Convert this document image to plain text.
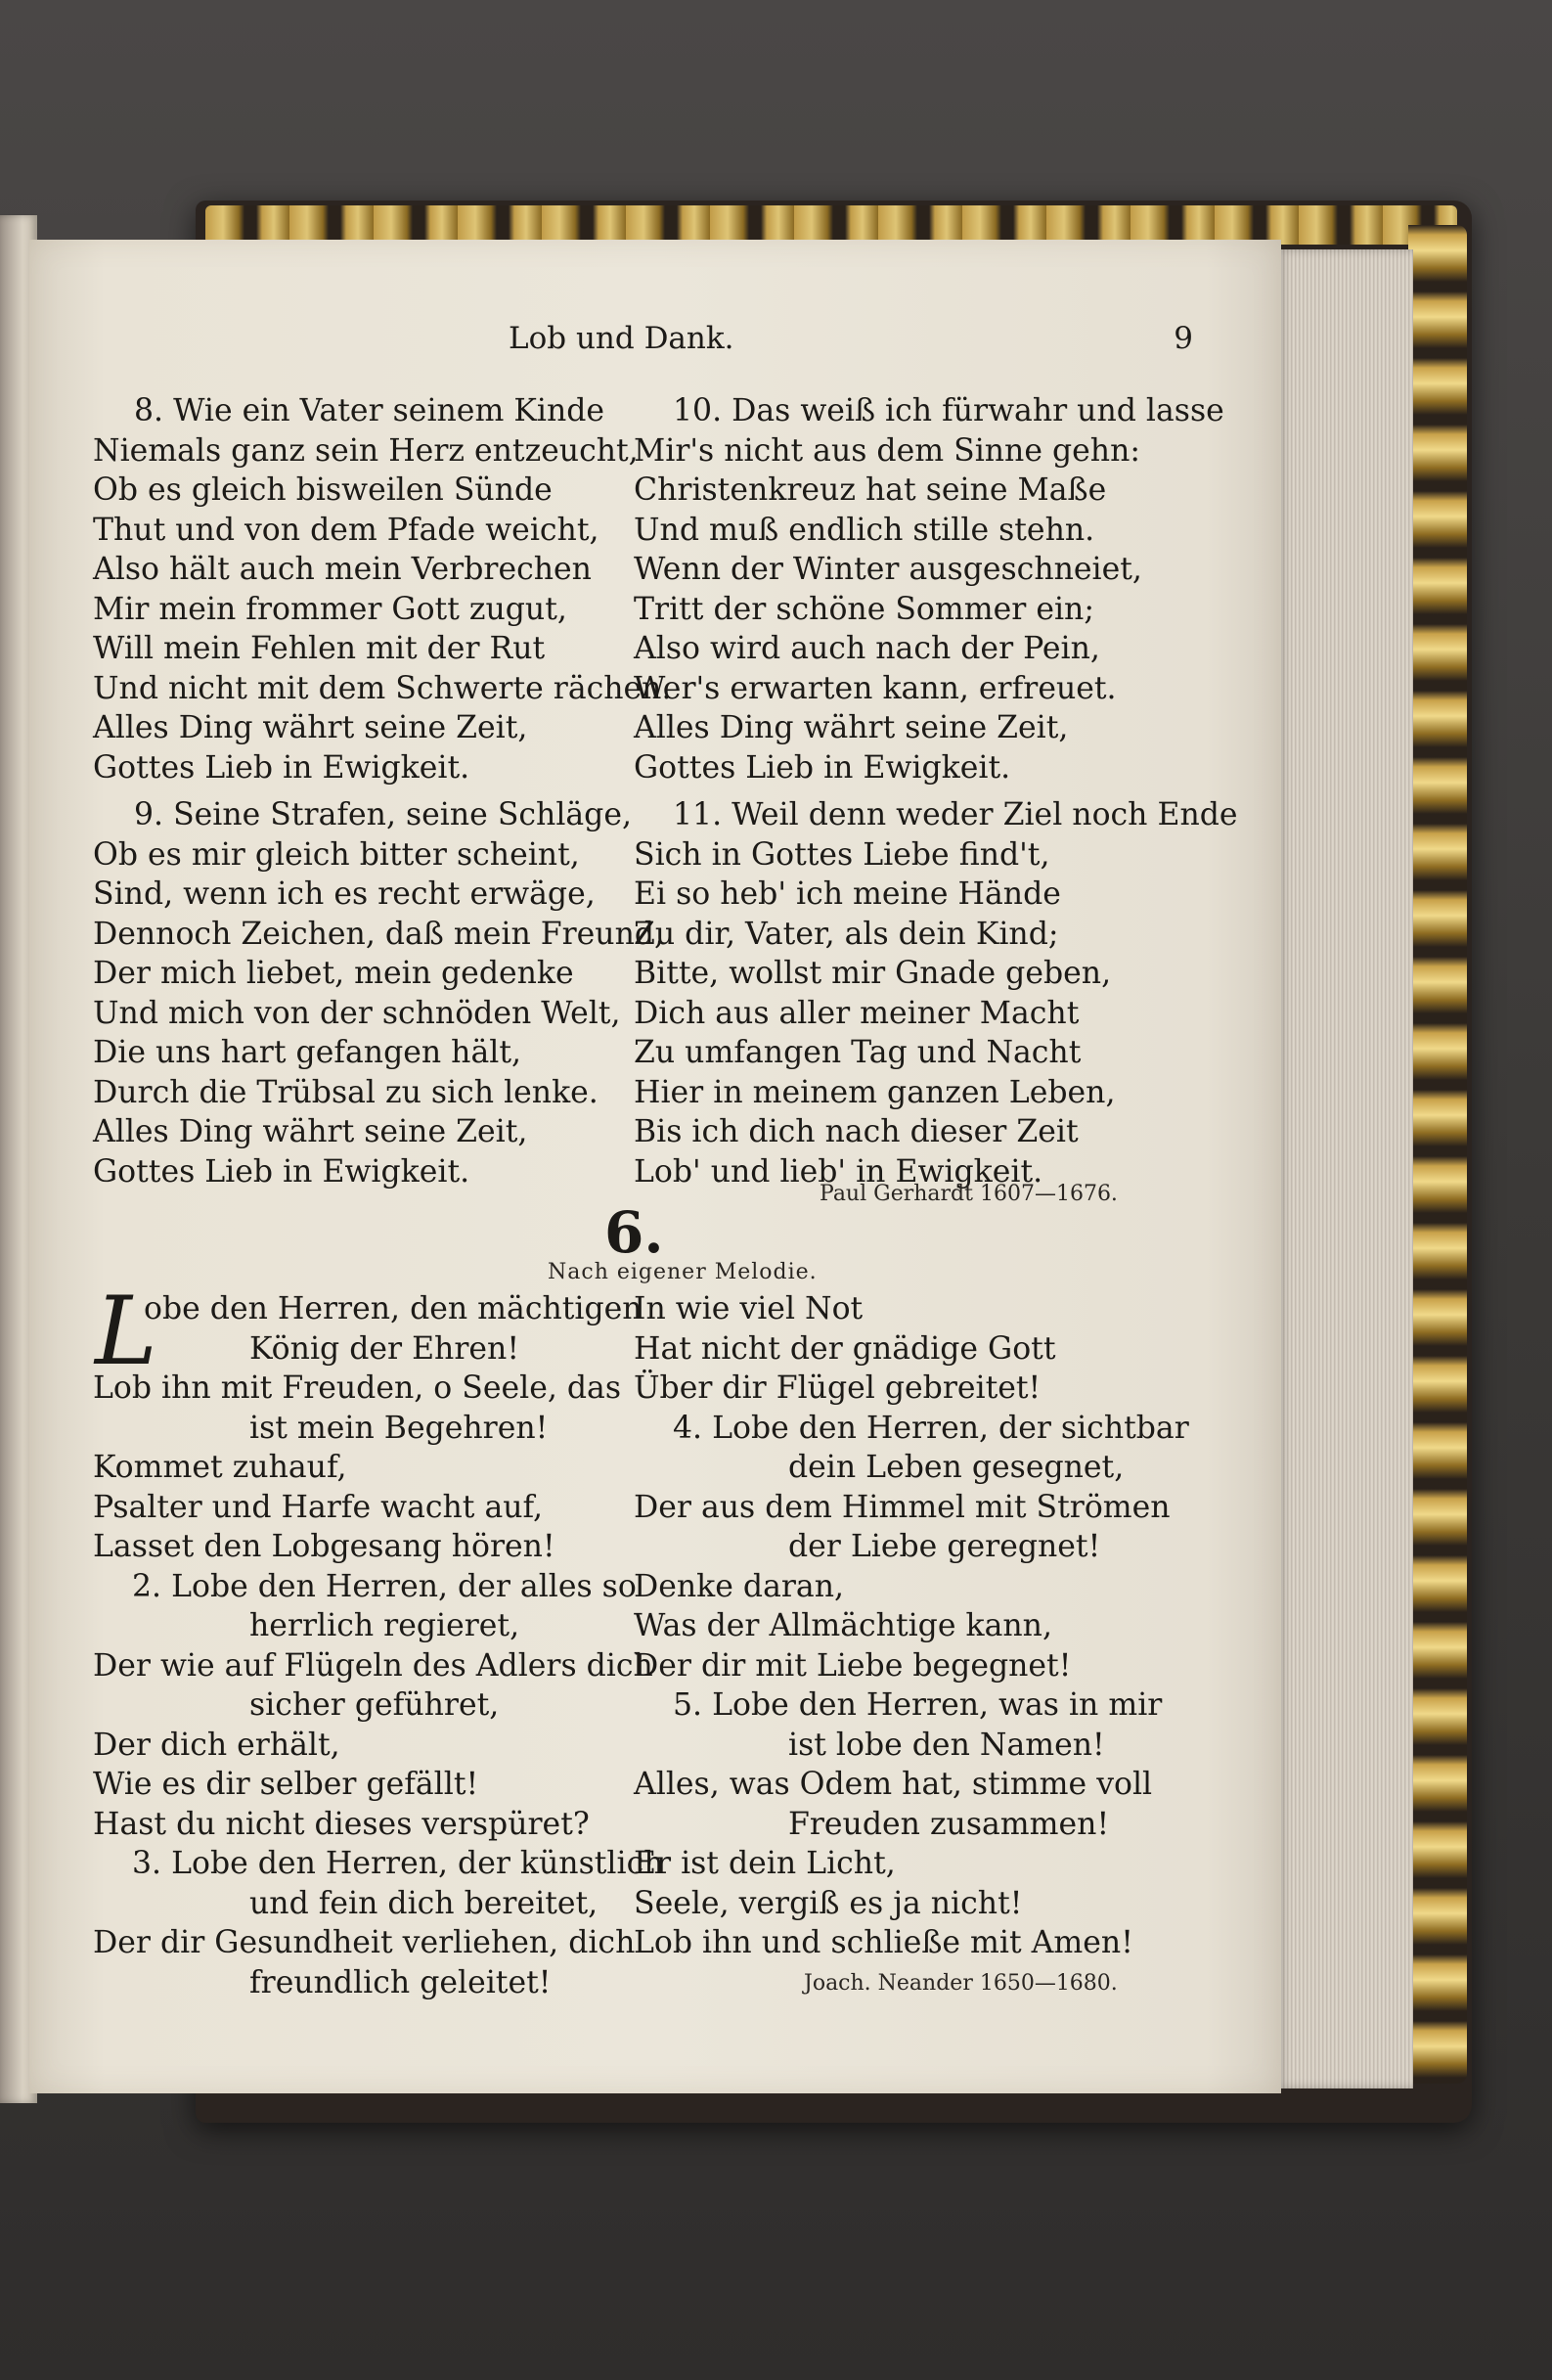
Lob und Dank.	9
8. Wie ein Vater seinem Kinde
Niemals ganz sein Herz entzeucht,
Ob es gleich bisweilen Sünde
Thut und von dem Pfade weicht,
Also hält auch mein Verbrechen
Mir mein frommer Gott zugut,
Will mein Fehlen mit der Rut
Und nicht mit dem Schwerte rächen.
Alles Ding währt seine Zeit,
Gottes Lieb in Ewigkeit.
9. Seine Strafen, seine Schläge,
Ob es mir gleich bitter scheint,
Sind, wenn ich es recht erwäge,
Dennoch Zeichen, daß mein Freund,
Der mich liebet, mein gedenke
Und mich von der schnöden Welt,
Die uns hart gefangen hält,
Durch die Trübsal zu sich lenke.
Alles Ding währt seine Zeit,
Gottes Lieb in Ewigkeit.
10. Das weiß ich fürwahr und lasse
Mir's nicht aus dem Sinne gehn:
Christenkreuz hat seine Maße
Und muß endlich stille stehn.
Wenn der Winter ausgeschneiet,
Tritt der schöne Sommer ein;
Also wird auch nach der Pein,
Wer's erwarten kann, erfreuet.
Alles Ding währt seine Zeit,
Gottes Lieb in Ewigkeit.
11. Weil denn weder Ziel noch Ende
Sich in Gottes Liebe find't,
Ei so heb' ich meine Hände
Zu dir, Vater, als dein Kind;
Bitte, wollst mir Gnade geben,
Dich aus aller meiner Macht
Zu umfangen Tag und Nacht
Hier in meinem ganzen Leben,
Bis ich dich nach dieser Zeit
Lob' und lieb' in Ewigkeit.
Paul Gerhardt 1607—1676.
6.
Nach eigener Melodie.
L
obe den Herren, den mächtigen
König der Ehren!
Lob ihn mit Freuden, o Seele, das
ist mein Begehren!
Kommet zuhauf,
Psalter und Harfe wacht auf,
Lasset den Lobgesang hören!
2. Lobe den Herren, der alles so
herrlich regieret,
Der wie auf Flügeln des Adlers dich
sicher geführet,
Der dich erhält,
Wie es dir selber gefällt!
Hast du nicht dieses verspüret?
3. Lobe den Herren, der künstlich
und fein dich bereitet,
Der dir Gesundheit verliehen, dich
freundlich geleitet!
In wie viel Not
Hat nicht der gnädige Gott
Über dir Flügel gebreitet!
4. Lobe den Herren, der sichtbar
dein Leben gesegnet,
Der aus dem Himmel mit Strömen
der Liebe geregnet!
Denke daran,
Was der Allmächtige kann,
Der dir mit Liebe begegnet!
5. Lobe den Herren, was in mir
ist lobe den Namen!
Alles, was Odem hat, stimme voll
Freuden zusammen!
Er ist dein Licht,
Seele, vergiß es ja nicht!
Lob ihn und schließe mit Amen!
Joach. Neander 1650—1680.
